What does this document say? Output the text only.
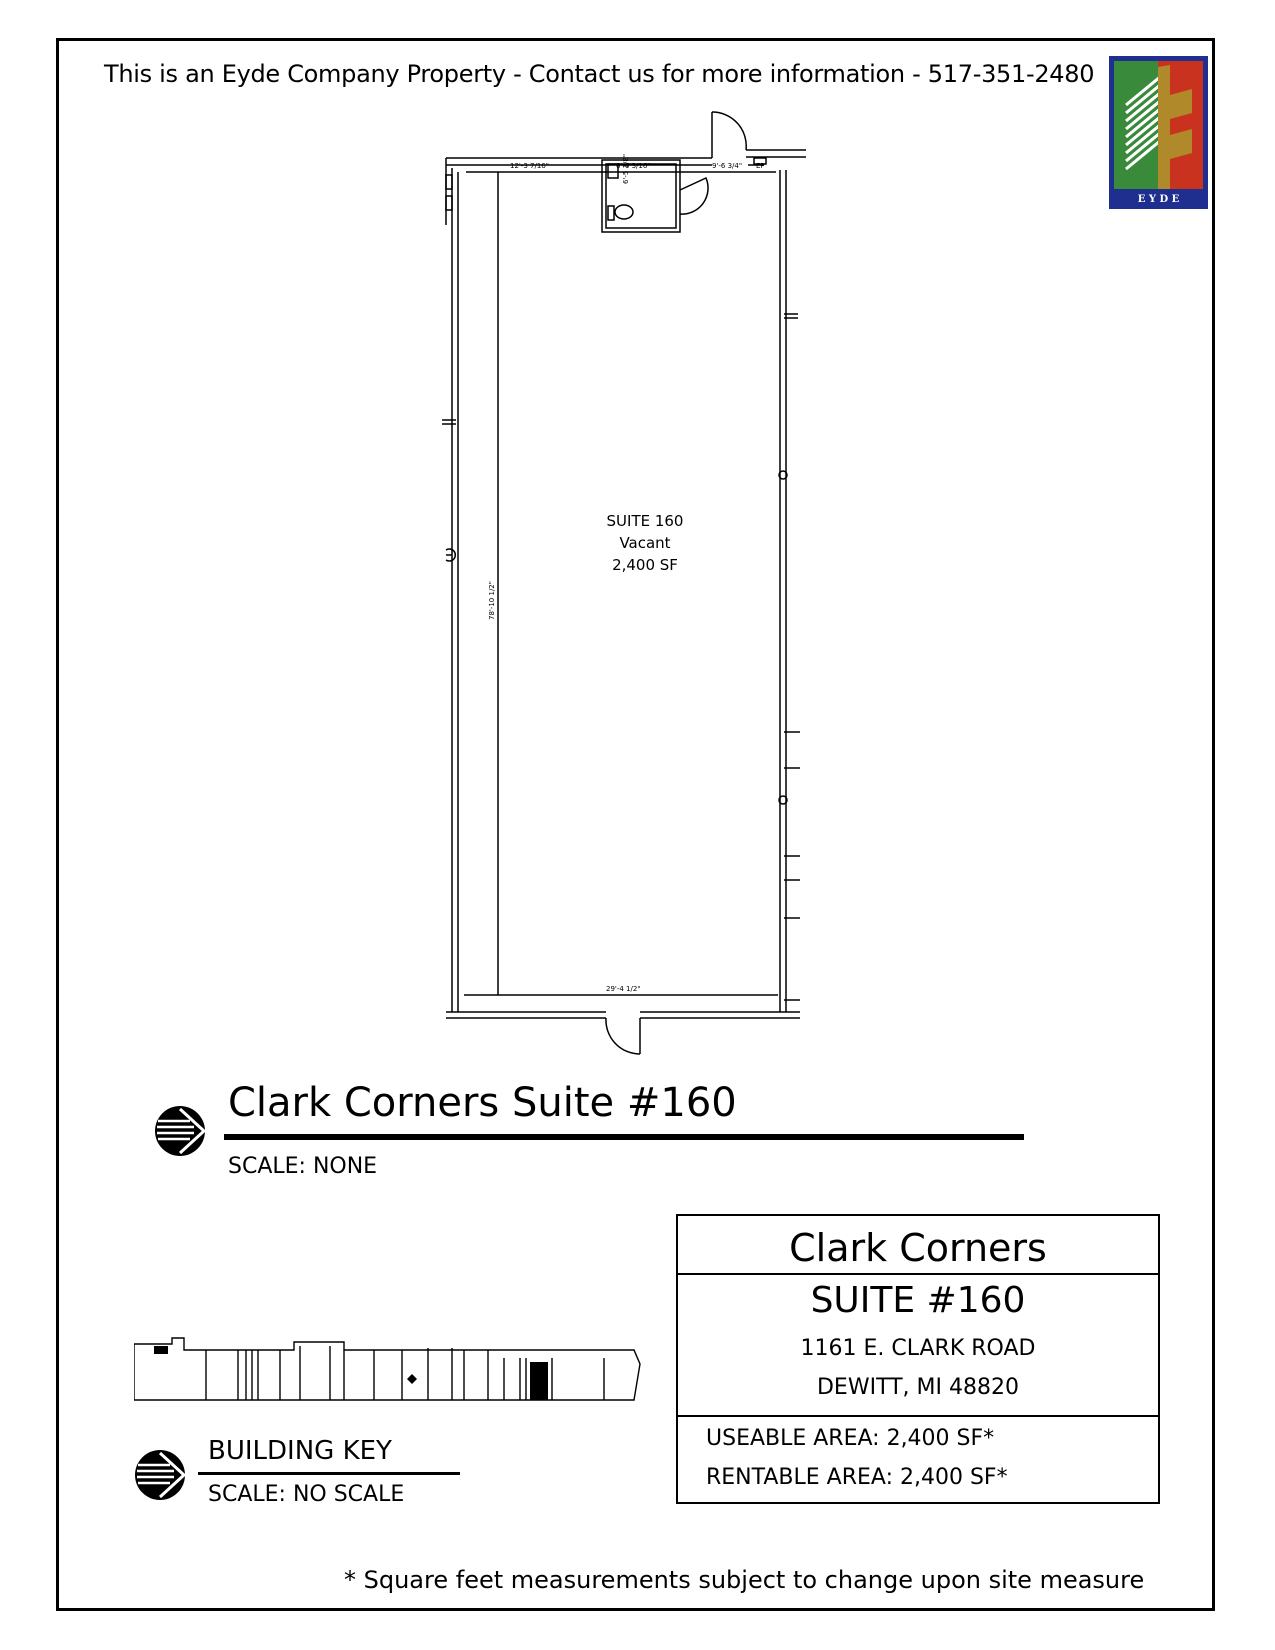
This is an Eyde Company Property - Contact us for more information - 517-351-2480
E Y D E
12'-3 7/16"	6'-6 3/16"
6'-5 1/8"	9'-6 3/4" EP
78'-10 1/2"
29'-4 1/2"
SUITE 160
Vacant
2,400 SF
Clark Corners Suite #160
SCALE: NONE
BUILDING KEY
SCALE: NO SCALE
Clark Corners
SUITE #160
1161 E. CLARK ROAD
DEWITT, MI 48820
USEABLE AREA: 2,400 SF*
RENTABLE AREA: 2,400 SF*
* Square feet measurements subject to change upon site measure
